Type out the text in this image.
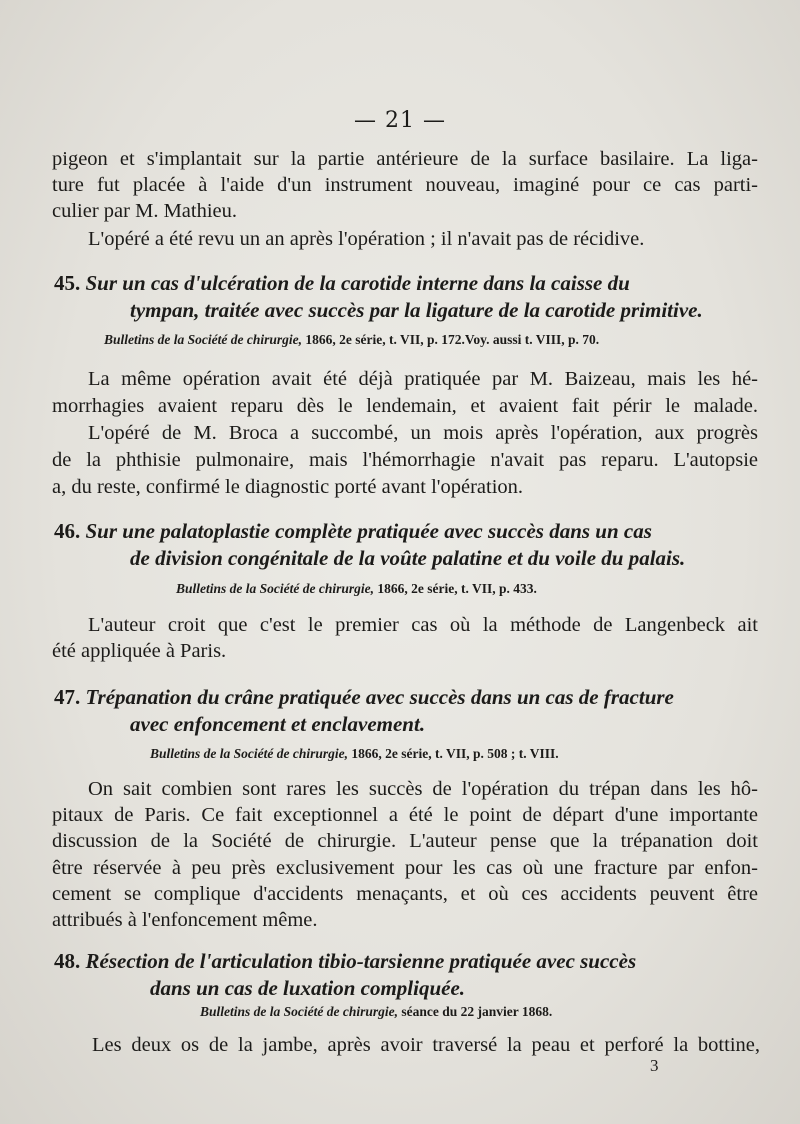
— 21 —
pigeon et s'implantait sur la partie antérieure de la surface basilaire. La liga-
ture fut placée à l'aide d'un instrument nouveau, imaginé pour ce cas parti-
culier par M. Mathieu.
L'opéré a été revu un an après l'opération ; il n'avait pas de récidive.
45. Sur un cas d'ulcération de la carotide interne dans la caisse du
tympan, traitée avec succès par la ligature de la carotide primitive.
Bulletins de la Société de chirurgie, 1866, 2e série, t. VII, p. 172.Voy. aussi t. VIII, p. 70.
La même opération avait été déjà pratiquée par M. Baizeau, mais les hé-
morrhagies avaient reparu dès le lendemain, et avaient fait périr le malade.
L'opéré de M. Broca a succombé, un mois après l'opération, aux progrès
de la phthisie pulmonaire, mais l'hémorrhagie n'avait pas reparu. L'autopsie
a, du reste, confirmé le diagnostic porté avant l'opération.
46. Sur une palatoplastie complète pratiquée avec succès dans un cas
de division congénitale de la voûte palatine et du voile du palais.
Bulletins de la Société de chirurgie, 1866, 2e série, t. VII, p. 433.
L'auteur croit que c'est le premier cas où la méthode de Langenbeck ait
été appliquée à Paris.
47. Trépanation du crâne pratiquée avec succès dans un cas de fracture
avec enfoncement et enclavement.
Bulletins de la Société de chirurgie, 1866, 2e série, t. VII, p. 508 ; t. VIII.
On sait combien sont rares les succès de l'opération du trépan dans les hô-
pitaux de Paris. Ce fait exceptionnel a été le point de départ d'une importante
discussion de la Société de chirurgie. L'auteur pense que la trépanation doit
être réservée à peu près exclusivement pour les cas où une fracture par enfon-
cement se complique d'accidents menaçants, et où ces accidents peuvent être
attribués à l'enfoncement même.
48. Résection de l'articulation tibio-tarsienne pratiquée avec succès
dans un cas de luxation compliquée.
Bulletins de la Société de chirurgie, séance du 22 janvier 1868.
Les deux os de la jambe, après avoir traversé la peau et perforé la bottine,
3
